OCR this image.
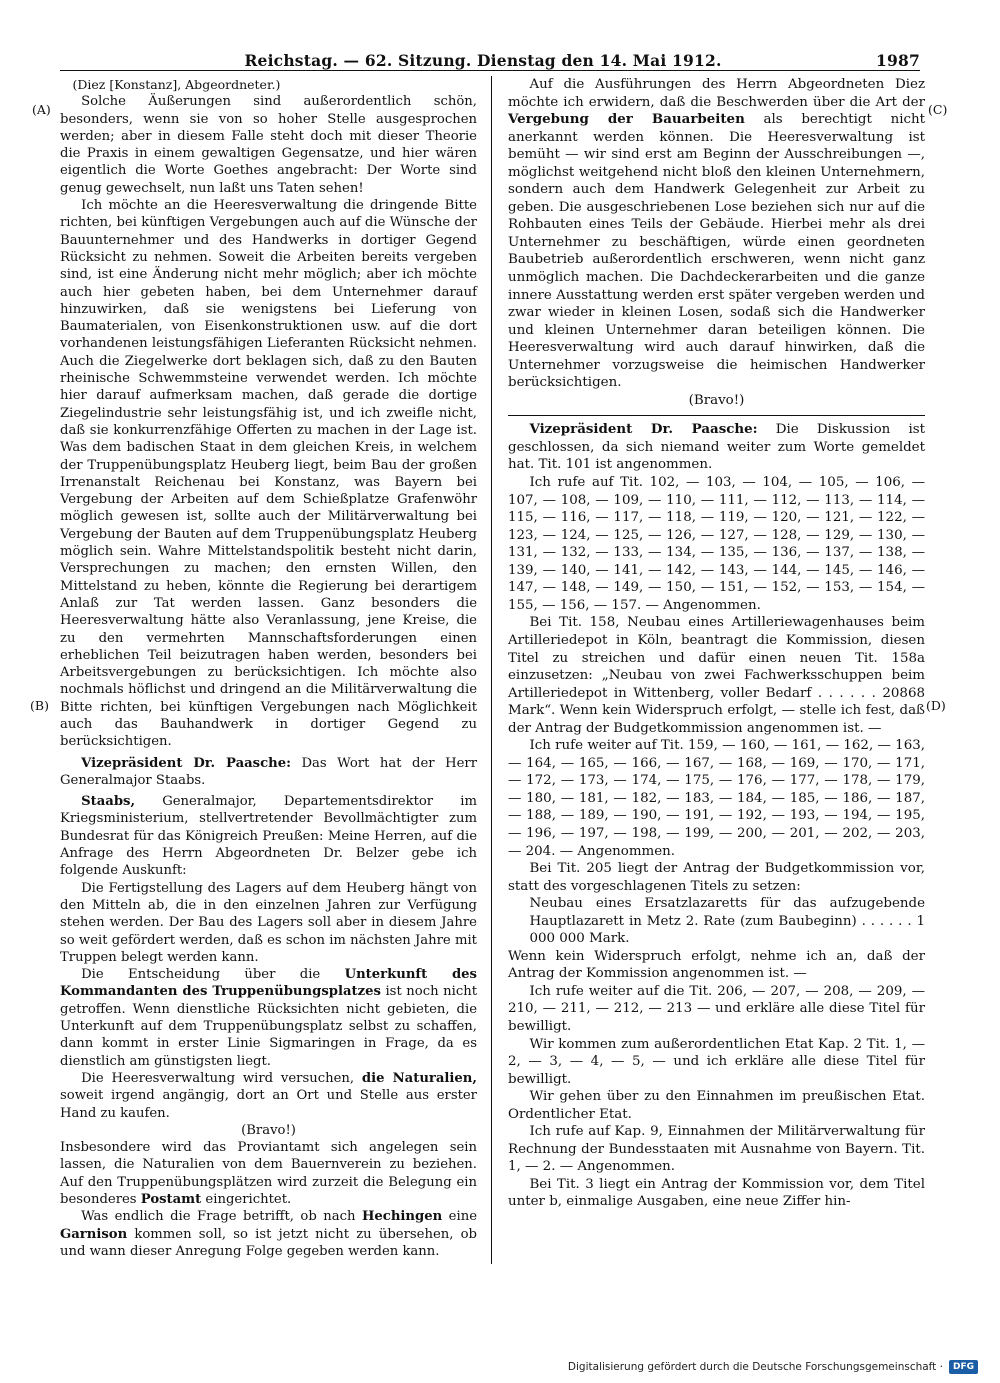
Reichstag. — 62. Sitzung. Dienstag den 14. Mai 1912.	1987
(A)
(B)
(C)
(D)

(Diez [Konstanz], Abgeordneter.)

Solche Äußerungen sind außerordentlich schön, besonders, wenn sie von so hoher Stelle ausgesprochen werden; aber in diesem Falle steht doch mit dieser Theorie die Praxis in einem gewaltigen Gegensatze, und hier wären eigentlich die Worte Goethes angebracht: Der Worte sind genug gewechselt, nun laßt uns Taten sehen!

Ich möchte an die Heeresverwaltung die dringende Bitte richten, bei künftigen Vergebungen auch auf die Wünsche der Bauunternehmer und des Handwerks in dortiger Gegend Rücksicht zu nehmen. Soweit die Arbeiten bereits vergeben sind, ist eine Änderung nicht mehr möglich; aber ich möchte auch hier gebeten haben, bei dem Unternehmer darauf hinzuwirken, daß sie wenigstens bei Lieferung von Baumaterialen, von Eisenkonstruktionen usw. auf die dort vorhandenen leistungsfähigen Lieferanten Rücksicht nehmen. Auch die Ziegelwerke dort beklagen sich, daß zu den Bauten rheinische Schwemmsteine verwendet werden. Ich möchte hier darauf aufmerksam machen, daß gerade die dortige Ziegelindustrie sehr leistungsfähig ist, und ich zweifle nicht, daß sie konkurrenzfähige Offerten zu machen in der Lage ist. Was dem badischen Staat in dem gleichen Kreis, in welchem der Truppenübungsplatz Heuberg liegt, beim Bau der großen Irrenanstalt Reichenau bei Konstanz, was Bayern bei Vergebung der Arbeiten auf dem Schießplatze Grafenwöhr möglich gewesen ist, sollte auch der Militärverwaltung bei Vergebung der Bauten auf dem Truppenübungsplatz Heuberg möglich sein. Wahre Mittelstandspolitik besteht nicht darin, Versprechungen zu machen; den ernsten Willen, den Mittelstand zu heben, könnte die Regierung bei derartigem Anlaß zur Tat werden lassen. Ganz besonders die Heeresverwaltung hätte also Veranlassung, jene Kreise, die zu den vermehrten Mannschaftsforderungen einen erheblichen Teil beizutragen haben werden, besonders bei Arbeitsvergebungen zu berücksichtigen. Ich möchte also nochmals höflichst und dringend an die Militärverwaltung die Bitte richten, bei künftigen Vergebungen nach Möglichkeit auch das Bauhandwerk in dortiger Gegend zu berücksichtigen.

Vizepräsident Dr. Paasche: Das Wort hat der Herr Generalmajor Staabs.

Staabs, Generalmajor, Departementsdirektor im Kriegsministerium, stellvertretender Bevollmächtigter zum Bundesrat für das Königreich Preußen: Meine Herren, auf die Anfrage des Herrn Abgeordneten Dr. Belzer gebe ich folgende Auskunft:

Die Fertigstellung des Lagers auf dem Heuberg hängt von den Mitteln ab, die in den einzelnen Jahren zur Verfügung stehen werden. Der Bau des Lagers soll aber in diesem Jahre so weit gefördert werden, daß es schon im nächsten Jahre mit Truppen belegt werden kann.

Die Entscheidung über die Unterkunft des Kommandanten des Truppenübungsplatzes ist noch nicht getroffen. Wenn dienstliche Rücksichten nicht gebieten, die Unterkunft auf dem Truppenübungsplatz selbst zu schaffen, dann kommt in erster Linie Sigmaringen in Frage, da es dienstlich am günstigsten liegt.

Die Heeresverwaltung wird versuchen, die Naturalien, soweit irgend angängig, dort an Ort und Stelle aus erster Hand zu kaufen.

(Bravo!)

Insbesondere wird das Proviantamt sich angelegen sein lassen, die Naturalien von dem Bauernverein zu beziehen. Auf den Truppenübungsplätzen wird zurzeit die Belegung ein besonderes Postamt eingerichtet.

Was endlich die Frage betrifft, ob nach Hechingen eine Garnison kommen soll, so ist jetzt nicht zu übersehen, ob und wann dieser Anregung Folge gegeben werden kann.

Auf die Ausführungen des Herrn Abgeordneten Diez möchte ich erwidern, daß die Beschwerden über die Art der Vergebung der Bauarbeiten als berechtigt nicht anerkannt werden können. Die Heeresverwaltung ist bemüht — wir sind erst am Beginn der Ausschreibungen —, möglichst weitgehend nicht bloß den kleinen Unternehmern, sondern auch dem Handwerk Gelegenheit zur Arbeit zu geben. Die ausgeschriebenen Lose beziehen sich nur auf die Rohbauten eines Teils der Gebäude. Hierbei mehr als drei Unternehmer zu beschäftigen, würde einen geordneten Baubetrieb außerordentlich erschweren, wenn nicht ganz unmöglich machen. Die Dachdeckerarbeiten und die ganze innere Ausstattung werden erst später vergeben werden und zwar wieder in kleinen Losen, sodaß sich die Handwerker und kleinen Unternehmer daran beteiligen können. Die Heeresverwaltung wird auch darauf hinwirken, daß die Unternehmer vorzugsweise die heimischen Handwerker berücksichtigen.

(Bravo!)

Vizepräsident Dr. Paasche: Die Diskussion ist geschlossen, da sich niemand weiter zum Worte gemeldet hat. Tit. 101 ist angenommen.

Ich rufe auf Tit. 102, — 103, — 104, — 105, — 106, — 107, — 108, — 109, — 110, — 111, — 112, — 113, — 114, — 115, — 116, — 117, — 118, — 119, — 120, — 121, — 122, — 123, — 124, — 125, — 126, — 127, — 128, — 129, — 130, — 131, — 132, — 133, — 134, — 135, — 136, — 137, — 138, — 139, — 140, — 141, — 142, — 143, — 144, — 145, — 146, — 147, — 148, — 149, — 150, — 151, — 152, — 153, — 154, — 155, — 156, — 157. — Angenommen.

Bei Tit. 158, Neubau eines Artilleriewagenhauses beim Artilleriedepot in Köln, beantragt die Kommission, diesen Titel zu streichen und dafür einen neuen Tit. 158a einzusetzen: „Neubau von zwei Fachwerksschuppen beim Artilleriedepot in Wittenberg, voller Bedarf . . . . . . 20868 Mark“. Wenn kein Widerspruch erfolgt, — stelle ich fest, daß der Antrag der Budgetkommission angenommen ist. —

Ich rufe weiter auf Tit. 159, — 160, — 161, — 162, — 163, — 164, — 165, — 166, — 167, — 168, — 169, — 170, — 171, — 172, — 173, — 174, — 175, — 176, — 177, — 178, — 179, — 180, — 181, — 182, — 183, — 184, — 185, — 186, — 187, — 188, — 189, — 190, — 191, — 192, — 193, — 194, — 195, — 196, — 197, — 198, — 199, — 200, — 201, — 202, — 203, — 204. — Angenommen.

Bei Tit. 205 liegt der Antrag der Budgetkommission vor, statt des vorgeschlagenen Titels zu setzen:

Neubau eines Ersatzlazaretts für das aufzugebende Hauptlazarett in Metz 2. Rate (zum Baubeginn) . . . . . . 1 000 000 Mark.

Wenn kein Widerspruch erfolgt, nehme ich an, daß der Antrag der Kommission angenommen ist. —

Ich rufe weiter auf die Tit. 206, — 207, — 208, — 209, — 210, — 211, — 212, — 213 — und erkläre alle diese Titel für bewilligt.

Wir kommen zum außerordentlichen Etat Kap. 2 Tit. 1, — 2, — 3, — 4, — 5, — und ich erkläre alle diese Titel für bewilligt.

Wir gehen über zu den Einnahmen im preußischen Etat. Ordentlicher Etat.

Ich rufe auf Kap. 9, Einnahmen der Militärverwaltung für Rechnung der Bundesstaaten mit Ausnahme von Bayern. Tit. 1, — 2. — Angenommen.

Bei Tit. 3 liegt ein Antrag der Kommission vor, dem Titel unter b, einmalige Ausgaben, eine neue Ziffer hin-

Digitalisierung gefördert durch die Deutsche Forschungsgemeinschaft ·	DFG
